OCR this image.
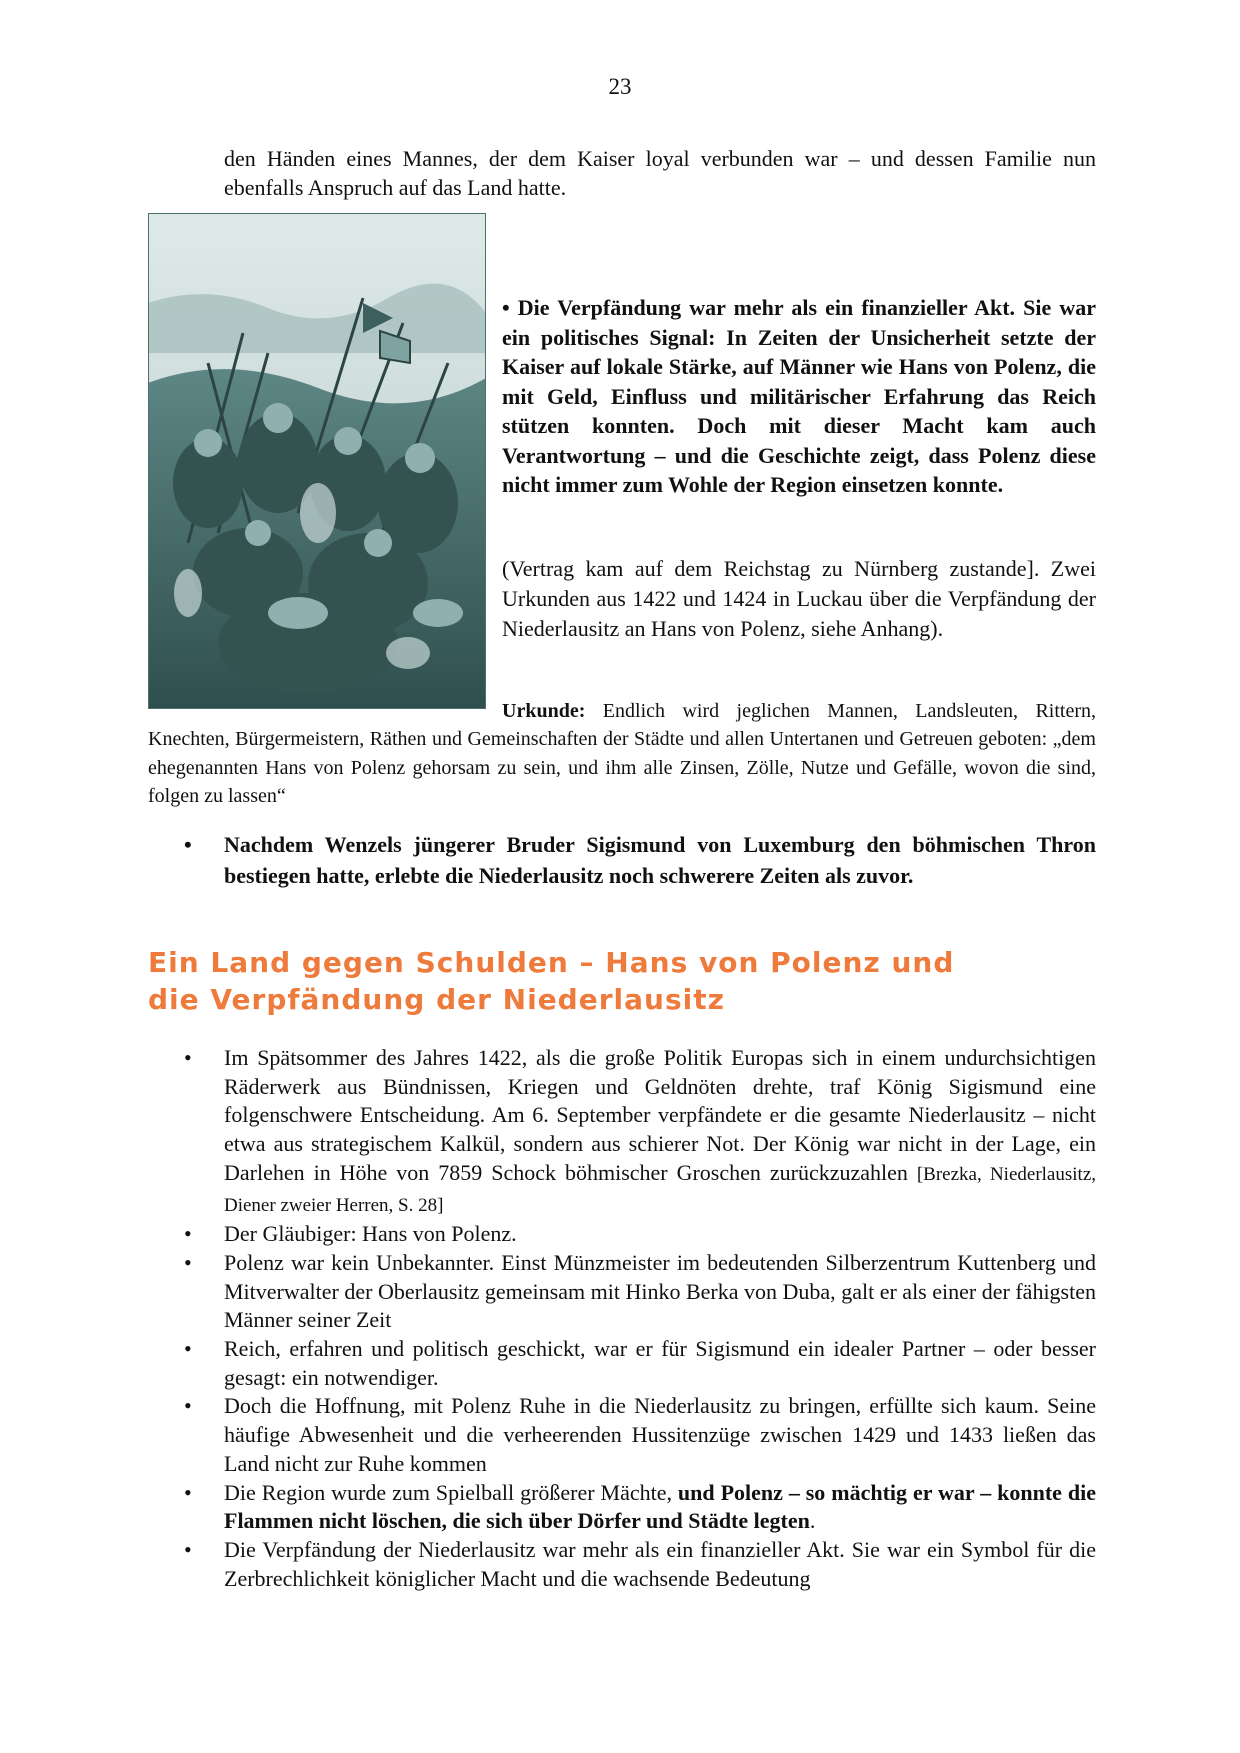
23

den Händen eines Mannes, der dem Kaiser loyal verbunden war – und dessen Familie nun ebenfalls Anspruch auf das Land hatte.

• Die Verpfändung war mehr als ein finanzieller Akt. Sie war ein politisches Signal: In Zeiten der Unsicherheit setzte der Kaiser auf lokale Stärke, auf Männer wie Hans von Polenz, die mit Geld, Einfluss und militärischer Erfahrung das Reich stützen konnten. Doch mit dieser Macht kam auch Verantwortung – und die Geschichte zeigt, dass Polenz diese nicht immer zum Wohle der Region einsetzen konnte.

(Vertrag kam auf dem Reichstag zu Nürnberg zustande]. Zwei Urkunden aus 1422 und 1424 in Luckau über die Verpfändung der Niederlausitz an Hans von Polenz, siehe Anhang).

Urkunde: Endlich wird jeglichen Mannen, Landsleuten, Rittern,
Knechten, Bürgermeistern, Räthen und Gemeinschaften der Städte und allen Untertanen und Getreuen geboten: „dem ehegenannten Hans von Polenz gehorsam zu sein, und ihm alle Zinsen, Zölle, Nutze und Gefälle, wovon die sind, folgen zu lassen“
• Nachdem Wenzels jüngerer Bruder Sigismund von Luxemburg den böhmischen Thron bestiegen hatte, erlebte die Niederlausitz noch schwerere Zeiten als zuvor.
Ein Land gegen Schulden – Hans von Polenz und
die Verpfändung der Niederlausitz
• Im Spätsommer des Jahres 1422, als die große Politik Europas sich in einem undurchsichtigen Räderwerk aus Bündnissen, Kriegen und Geldnöten drehte, traf König Sigismund eine folgenschwere Entscheidung. Am 6. September verpfändete er die gesamte Niederlausitz – nicht etwa aus strategischem Kalkül, sondern aus schierer Not. Der König war nicht in der Lage, ein Darlehen in Höhe von 7859 Schock böhmischer Groschen zurückzuzahlen [Brezka, Niederlausitz, Diener zweier Herren, S. 28]
• Der Gläubiger: Hans von Polenz.
• Polenz war kein Unbekannter. Einst Münzmeister im bedeutenden Silberzentrum Kuttenberg und Mitverwalter der Oberlausitz gemeinsam mit Hinko Berka von Duba, galt er als einer der fähigsten Männer seiner Zeit
• Reich, erfahren und politisch geschickt, war er für Sigismund ein idealer Partner – oder besser gesagt: ein notwendiger.
• Doch die Hoffnung, mit Polenz Ruhe in die Niederlausitz zu bringen, erfüllte sich kaum. Seine häufige Abwesenheit und die verheerenden Hussitenzüge zwischen 1429 und 1433 ließen das Land nicht zur Ruhe kommen
• Die Region wurde zum Spielball größerer Mächte, und Polenz – so mächtig er war – konnte die Flammen nicht löschen, die sich über Dörfer und Städte legten.
• Die Verpfändung der Niederlausitz war mehr als ein finanzieller Akt. Sie war ein Symbol für die Zerbrechlichkeit königlicher Macht und die wachsende Bedeutung
